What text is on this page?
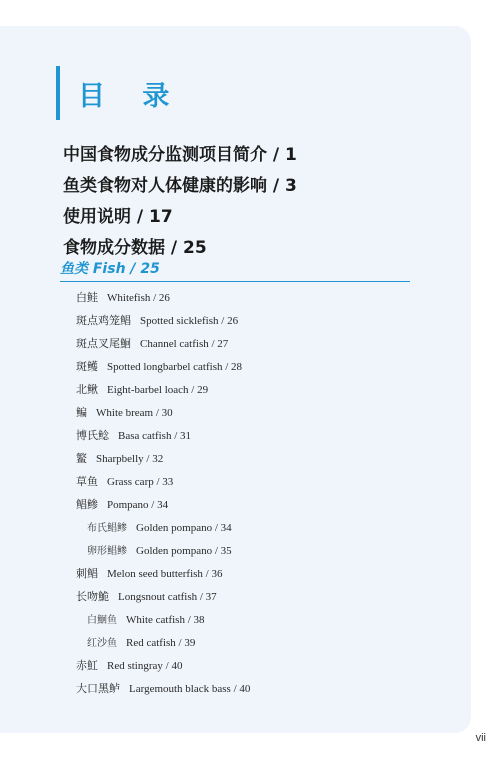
目 录
中国食物成分监测项目简介 / 1
鱼类食物对人体健康的影响 / 3
使用说明 / 17
食物成分数据 / 25
鱼类 Fish / 25
白鲑 Whitefish / 26
斑点鸡笼鲳 Spotted sicklefish / 26
斑点叉尾鮰 Channel catfish / 27
斑鳠 Spotted longbarbel catfish / 28
北鳅 Eight-barbel loach / 29
鳊 White bream / 30
博氏鲶 Basa catfish / 31
鳘 Sharpbelly / 32
草鱼 Grass carp / 33
鲳鲹 Pompano / 34
布氏鲳鲹 Golden pompano / 34
卵形鲳鲹 Golden pompano / 35
刺鲳 Melon seed butterfish / 36
长吻鮠 Longsnout catfish / 37
白鮰鱼 White catfish / 38
红沙鱼 Red catfish / 39
赤魟 Red stingray / 40
大口黑鲈 Largemouth black bass / 40
vii
